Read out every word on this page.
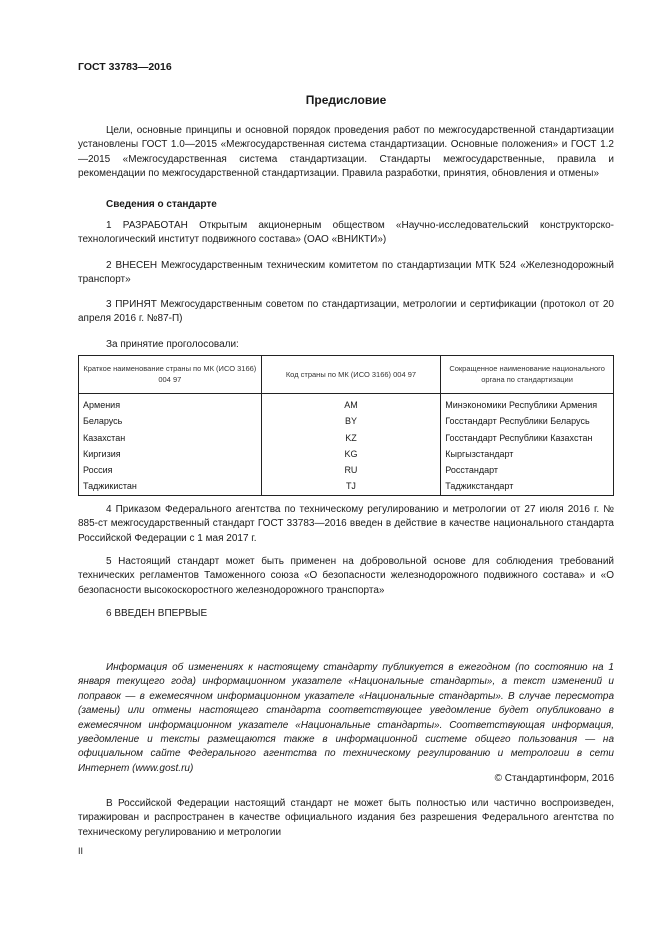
ГОСТ 33783—2016
Предисловие

Цели, основные принципы и основной порядок проведения работ по межгосударственной стандартизации установлены ГОСТ 1.0—2015 «Межгосударственная система стандартизации. Основные положения» и ГОСТ 1.2—2015 «Межгосударственная система стандартизации. Стандарты межгосударственные, правила и рекомендации по межгосударственной стандартизации. Правила разработки, принятия, обновления и отмены»

Сведения о стандарте

1 РАЗРАБОТАН Открытым акционерным обществом «Научно-исследовательский конструкторско-технологический институт подвижного состава» (ОАО «ВНИКТИ»)

2 ВНЕСЕН Межгосударственным техническим комитетом по стандартизации МТК 524 «Железнодорожный транспорт»

3 ПРИНЯТ Межгосударственным советом по стандартизации, метрологии и сертификации (протокол от 20 апреля 2016 г. №87-П)

За принятие проголосовали:
Краткое наименование страны по МК (ИСО 3166) 004 97	Код страны по МК (ИСО 3166) 004 97	Сокращенное наименование национального органа по стандартизации
Армения	AM	Минэкономики Республики Армения
Беларусь	BY	Госстандарт Республики Беларусь
Казахстан	KZ	Госстандарт Республики Казахстан
Киргизия	KG	Кыргызстандарт
Россия	RU	Росстандарт
Таджикистан	TJ	Таджикстандарт

4 Приказом Федерального агентства по техническому регулированию и метрологии от 27 июля 2016 г. № 885-ст межгосударственный стандарт ГОСТ 33783—2016 введен в действие в качестве национального стандарта Российской Федерации с 1 мая 2017 г.

5 Настоящий стандарт может быть применен на добровольной основе для соблюдения требований технических регламентов Таможенного союза «О безопасности железнодорожного подвижного состава» и «О безопасности высокоскоростного железнодорожного транспорта»

6 ВВЕДЕН ВПЕРВЫЕ

Информация об изменениях к настоящему стандарту публикуется в ежегодном (по состоянию на 1 января текущего года) информационном указателе «Национальные стандарты», а текст изменений и поправок — в ежемесячном информационном указателе «Национальные стандарты». В случае пересмотра (замены) или отмены настоящего стандарта соответствующее уведомление будет опубликовано в ежемесячном информационном указателе «Национальные стандарты». Соответствующая информация, уведомление и тексты размещаются также в информационной системе общего пользования — на официальном сайте Федерального агентства по техническому регулированию и метрологии в сети Интернет (www.gost.ru)

© Стандартинформ, 2016

В Российской Федерации настоящий стандарт не может быть полностью или частично воспроизведен, тиражирован и распространен в качестве официального издания без разрешения Федерального агентства по техническому регулированию и метрологии

II
